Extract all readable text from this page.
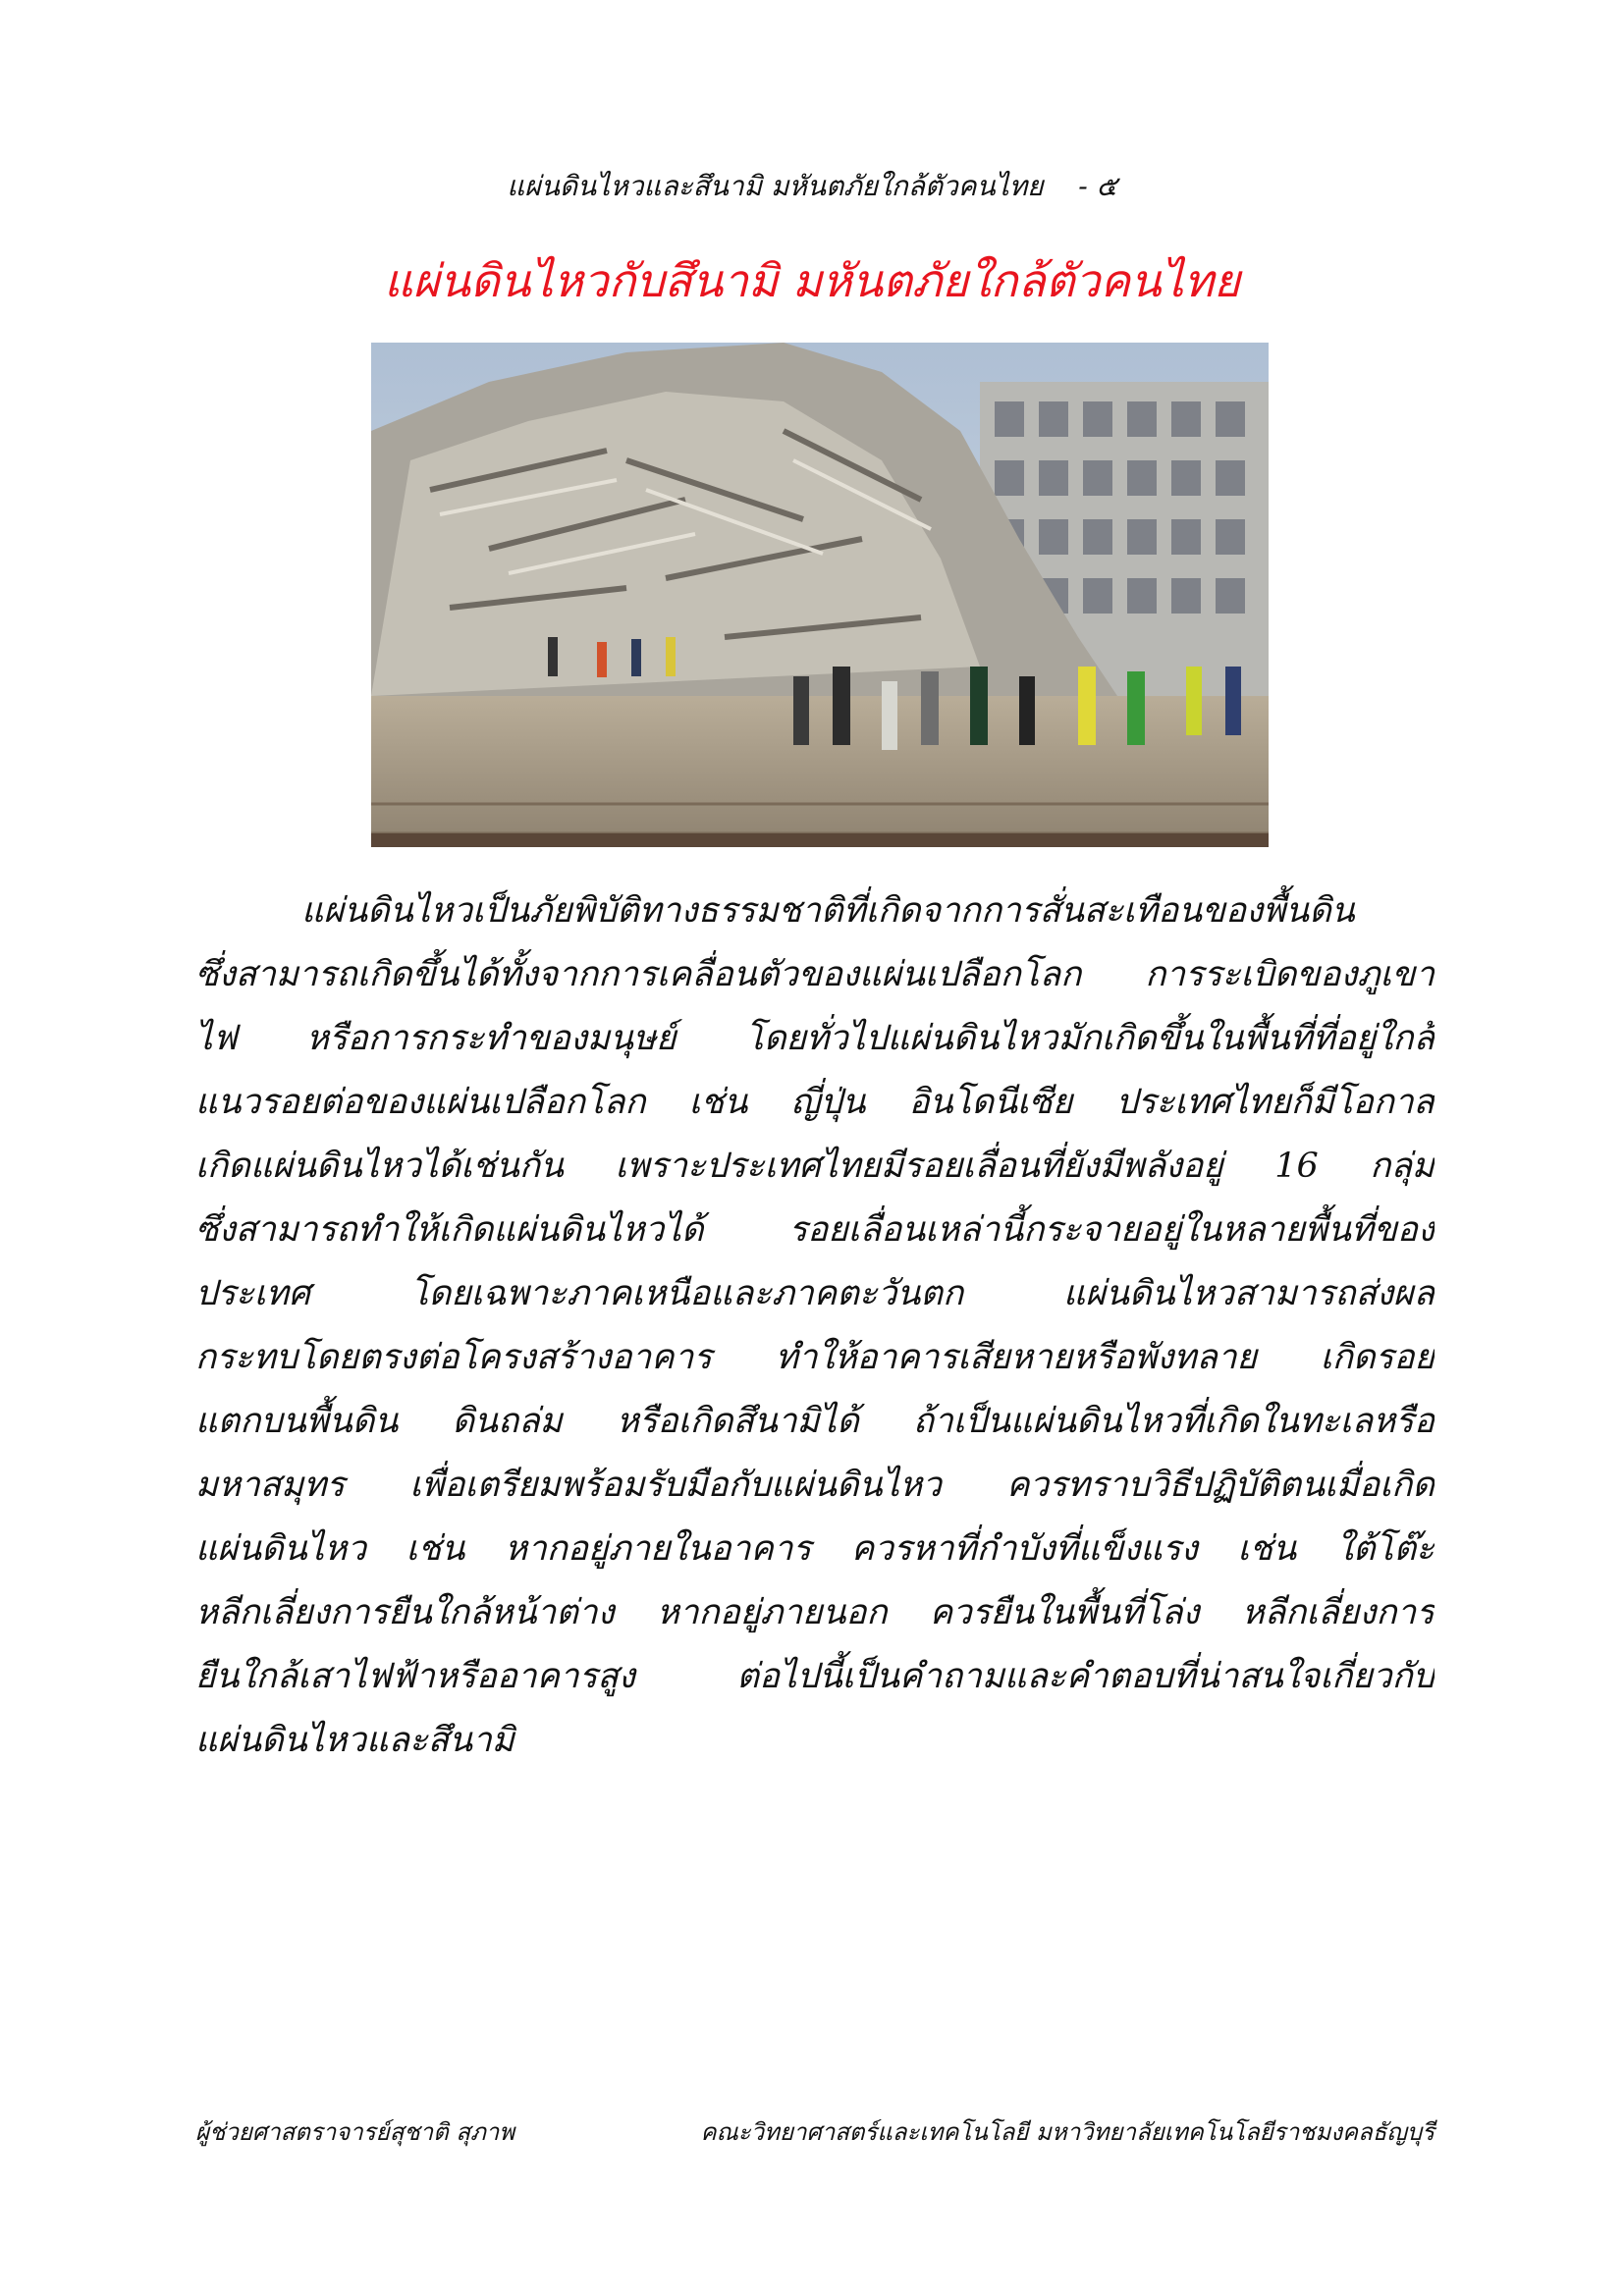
แผ่นดินไหวและสึนามิ มหันตภัยใกล้ตัวคนไทย - ๕
แผ่นดินไหวกับสึนามิ มหันตภัยใกล้ตัวคนไทย
แผ่นดินไหวเป็นภัยพิบัติทางธรรมชาติที่เกิดจากการสั่นสะเทือนของพื้นดิน
ซึ่งสามารถเกิดขึ้นได้ทั้งจากการเคลื่อนตัวของแผ่นเปลือกโลก การระเบิดของภูเขา
ไฟ หรือการกระทำของมนุษย์ โดยทั่วไปแผ่นดินไหวมักเกิดขึ้นในพื้นที่ที่อยู่ใกล้
แนวรอยต่อของแผ่นเปลือกโลก เช่น ญี่ปุ่น อินโดนีเซีย ประเทศไทยก็มีโอกาส
เกิดแผ่นดินไหวได้เช่นกัน เพราะประเทศไทยมีรอยเลื่อนที่ยังมีพลังอยู่ 16 กลุ่ม
ซึ่งสามารถทำให้เกิดแผ่นดินไหวได้ รอยเลื่อนเหล่านี้กระจายอยู่ในหลายพื้นที่ของ
ประเทศ โดยเฉพาะภาคเหนือและภาคตะวันตก แผ่นดินไหวสามารถส่งผล
กระทบโดยตรงต่อโครงสร้างอาคาร ทำให้อาคารเสียหายหรือพังทลาย เกิดรอย
แตกบนพื้นดิน ดินถล่ม หรือเกิดสึนามิได้ ถ้าเป็นแผ่นดินไหวที่เกิดในทะเลหรือ
มหาสมุทร เพื่อเตรียมพร้อมรับมือกับแผ่นดินไหว ควรทราบวิธีปฏิบัติตนเมื่อเกิด
แผ่นดินไหว เช่น หากอยู่ภายในอาคาร ควรหาที่กำบังที่แข็งแรง เช่น ใต้โต๊ะ
หลีกเลี่ยงการยืนใกล้หน้าต่าง หากอยู่ภายนอก ควรยืนในพื้นที่โล่ง หลีกเลี่ยงการ
ยืนใกล้เสาไฟฟ้าหรืออาคารสูง ต่อไปนี้เป็นคำถามและคำตอบที่น่าสนใจเกี่ยวกับ
แผ่นดินไหวและสึนามิ
ผู้ช่วยศาสตราจารย์สุชาติ สุภาพ	คณะวิทยาศาสตร์และเทคโนโลยี มหาวิทยาลัยเทคโนโลยีราชมงคลธัญบุรี
